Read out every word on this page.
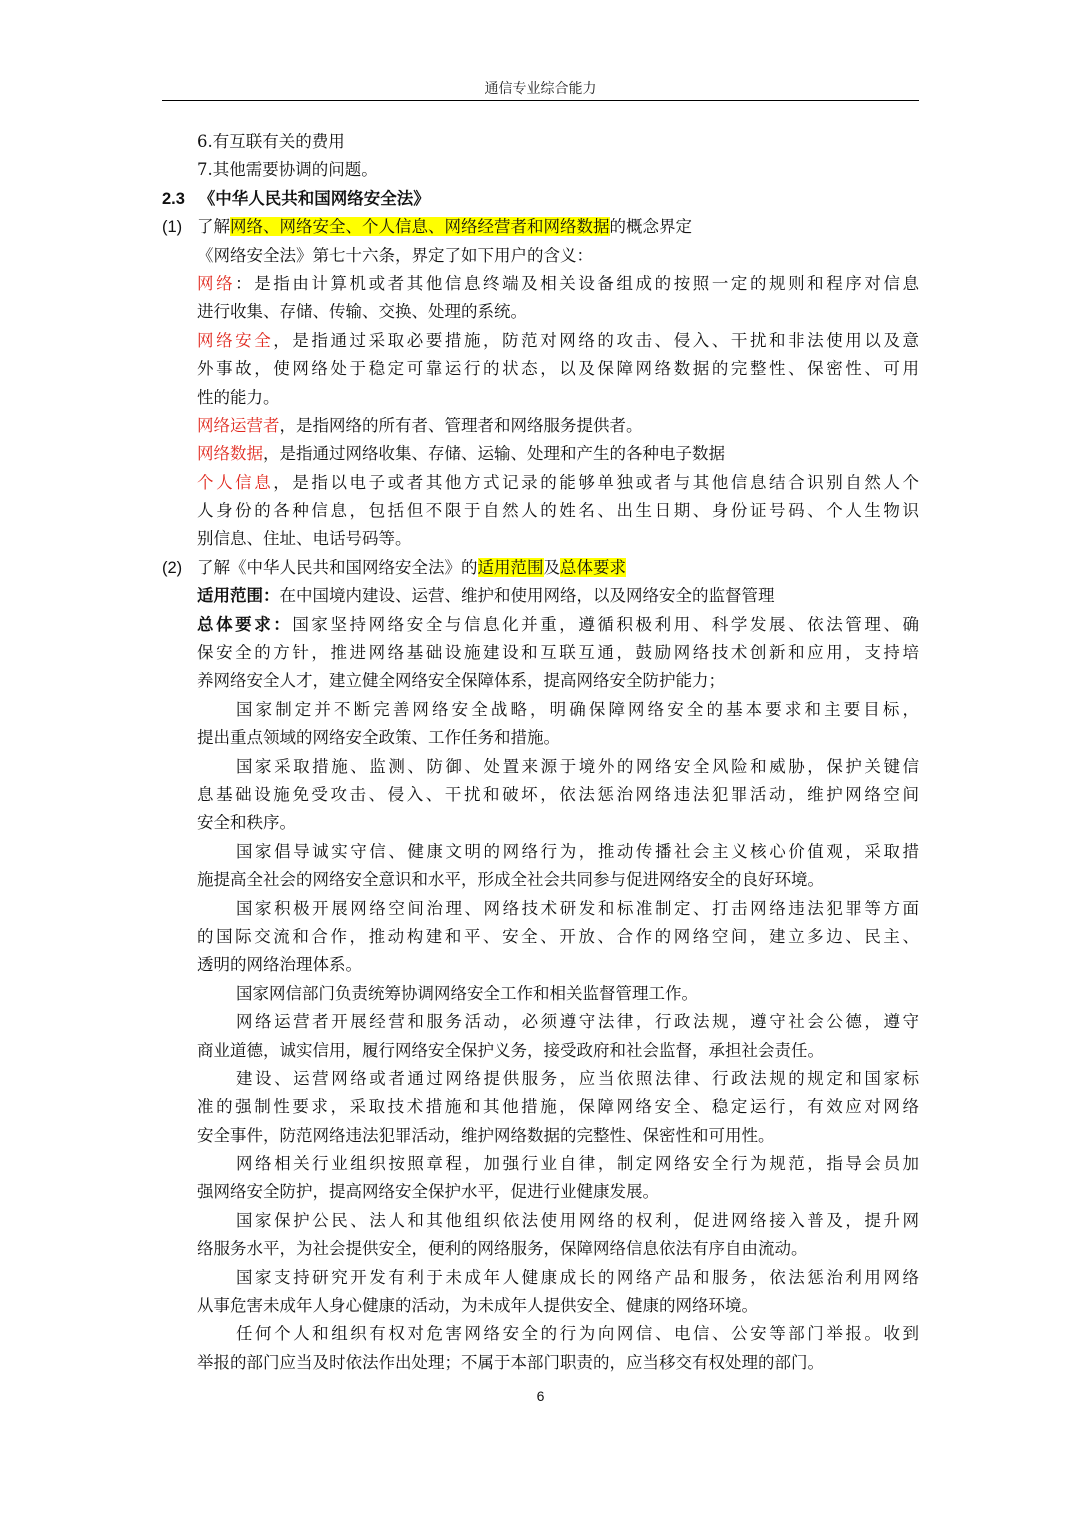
通信专业综合能力
6.有互联有关的费用
7.其他需要协调的问题。
2.3 《中华人民共和国网络安全法》
(1) 了解网络、网络安全、个人信息、网络经营者和网络数据的概念界定
《网络安全法》第七十六条，界定了如下用户的含义：
网络：是指由计算机或者其他信息终端及相关设备组成的按照一定的规则和程序对信息
进行收集、存储、传输、交换、处理的系统。
网络安全，是指通过采取必要措施，防范对网络的攻击、侵入、干扰和非法使用以及意
外事故，使网络处于稳定可靠运行的状态，以及保障网络数据的完整性、保密性、可用
性的能力。
网络运营者，是指网络的所有者、管理者和网络服务提供者。
网络数据，是指通过网络收集、存储、运输、处理和产生的各种电子数据
个人信息，是指以电子或者其他方式记录的能够单独或者与其他信息结合识别自然人个
人身份的各种信息，包括但不限于自然人的姓名、出生日期、身份证号码、个人生物识
别信息、住址、电话号码等。
(2) 了解《中华人民共和国网络安全法》的适用范围及总体要求
适用范围：在中国境内建设、运营、维护和使用网络，以及网络安全的监督管理
总体要求：国家坚持网络安全与信息化并重，遵循积极利用、科学发展、依法管理、确
保安全的方针，推进网络基础设施建设和互联互通，鼓励网络技术创新和应用，支持培
养网络安全人才，建立健全网络安全保障体系，提高网络安全防护能力；
国家制定并不断完善网络安全战略，明确保障网络安全的基本要求和主要目标，
提出重点领域的网络安全政策、工作任务和措施。
国家采取措施、监测、防御、处置来源于境外的网络安全风险和威胁，保护关键信
息基础设施免受攻击、侵入、干扰和破坏，依法惩治网络违法犯罪活动，维护网络空间
安全和秩序。
国家倡导诚实守信、健康文明的网络行为，推动传播社会主义核心价值观，采取措
施提高全社会的网络安全意识和水平，形成全社会共同参与促进网络安全的良好环境。
国家积极开展网络空间治理、网络技术研发和标准制定、打击网络违法犯罪等方面
的国际交流和合作，推动构建和平、安全、开放、合作的网络空间，建立多边、民主、
透明的网络治理体系。
国家网信部门负责统筹协调网络安全工作和相关监督管理工作。
网络运营者开展经营和服务活动，必须遵守法律，行政法规，遵守社会公德，遵守
商业道德，诚实信用，履行网络安全保护义务，接受政府和社会监督，承担社会责任。
建设、运营网络或者通过网络提供服务，应当依照法律、行政法规的规定和国家标
准的强制性要求，采取技术措施和其他措施，保障网络安全、稳定运行，有效应对网络
安全事件，防范网络违法犯罪活动，维护网络数据的完整性、保密性和可用性。
网络相关行业组织按照章程，加强行业自律，制定网络安全行为规范，指导会员加
强网络安全防护，提高网络安全保护水平，促进行业健康发展。
国家保护公民、法人和其他组织依法使用网络的权利，促进网络接入普及，提升网
络服务水平，为社会提供安全，便利的网络服务，保障网络信息依法有序自由流动。
国家支持研究开发有利于未成年人健康成长的网络产品和服务，依法惩治利用网络
从事危害未成年人身心健康的活动，为未成年人提供安全、健康的网络环境。
任何个人和组织有权对危害网络安全的行为向网信、电信、公安等部门举报。收到
举报的部门应当及时依法作出处理；不属于本部门职责的，应当移交有权处理的部门。
6
